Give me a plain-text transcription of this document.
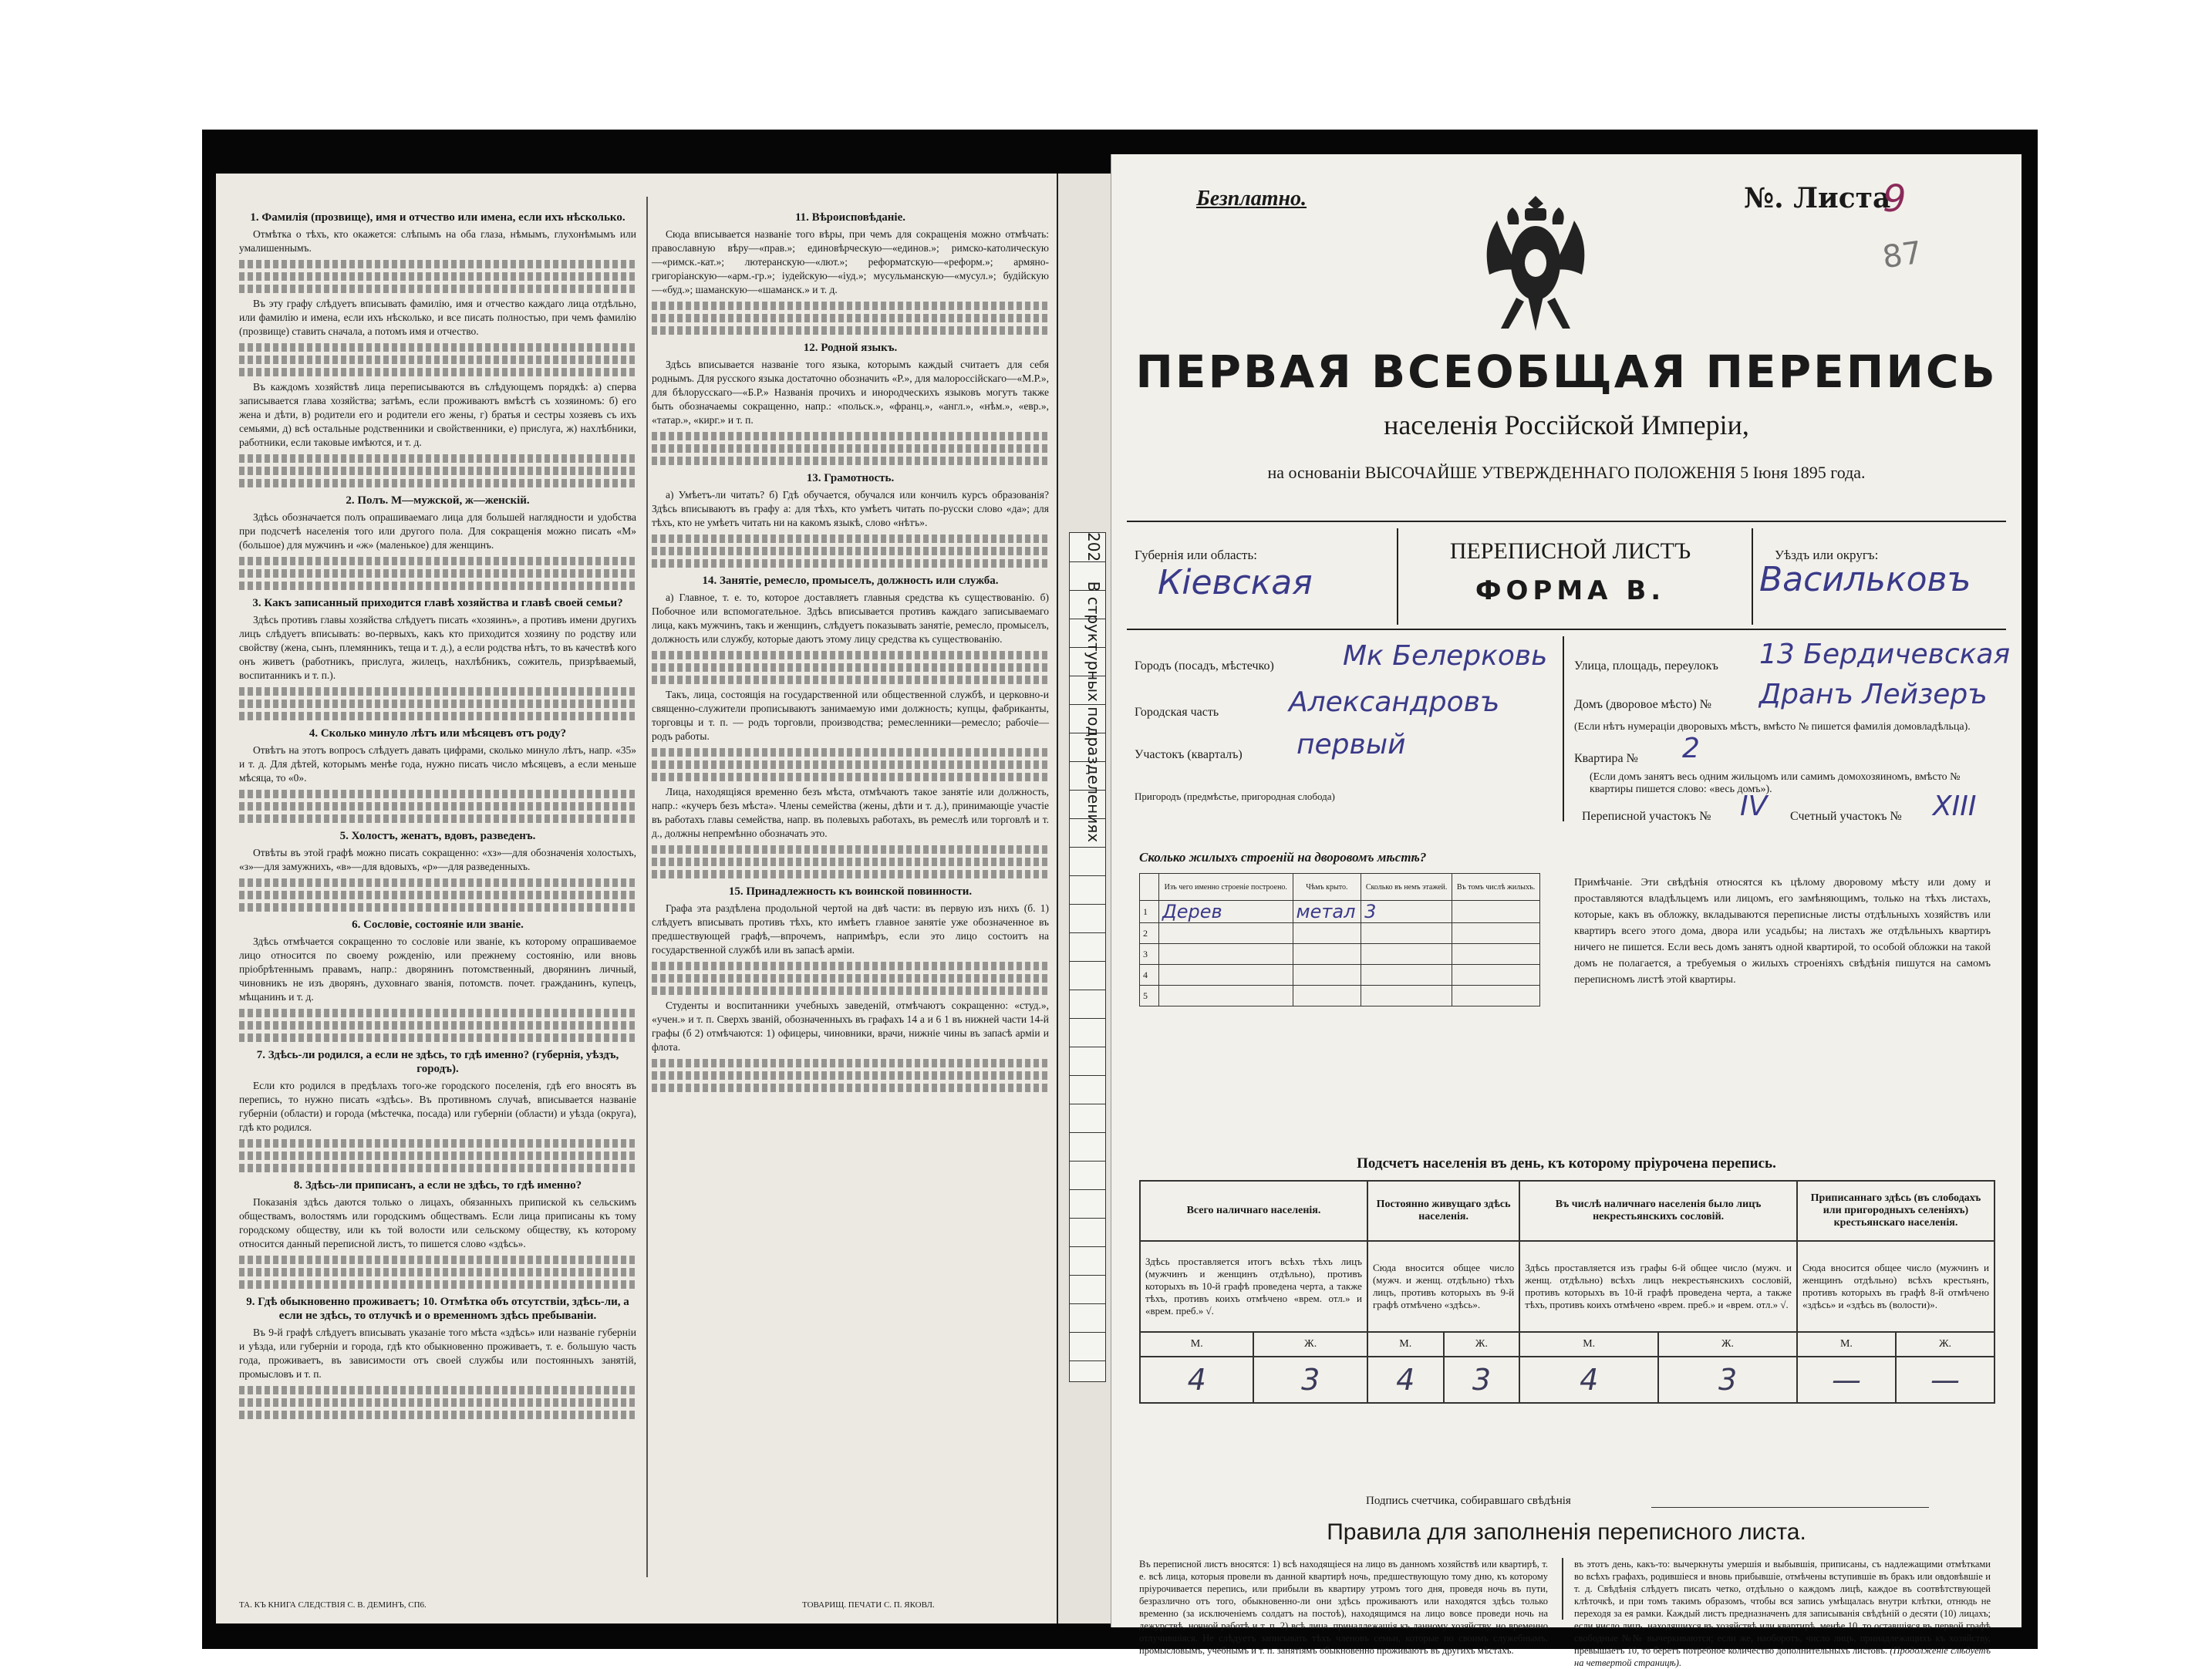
1. Фамилія (прозвище), имя и отчество или имена, если ихъ нѣсколько.

Отмѣтка о тѣхъ, кто окажется: слѣпымъ на оба глаза, нѣмымъ, глухонѣмымъ или умалишеннымъ.

Въ эту графу слѣдуетъ вписывать фамилію, имя и отчество каждаго лица отдѣльно, или фамилію и имена, если ихъ нѣсколько, и все писать полностью, при чемъ фамилію (прозвище) ставить сначала, а потомъ имя и отчество.

Въ каждомъ хозяйствѣ лица переписываются въ слѣдующемъ порядкѣ: а) сперва записывается глава хозяйства; затѣмъ, если проживаютъ вмѣстѣ съ хозяиномъ: б) его жена и дѣти, в) родители его и родители его жены, г) братья и сестры хозяевъ съ ихъ семьями, д) всѣ остальные родственники и свойственники, е) прислуга, ж) нахлѣбники, работники, если таковые имѣются, и т. д.

2. Полъ. М—мужской, ж—женскій.

Здѣсь обозначается полъ опрашиваемаго лица для большей наглядности и удобства при подсчетѣ населенія того или другого пола. Для сокращенія можно писать «М» (большое) для мужчинъ и «ж» (маленькое) для женщинъ.

3. Какъ записанный приходится главѣ хозяйства и главѣ своей семьи?

Здѣсь противъ главы хозяйства слѣдуетъ писать «хозяинъ», а противъ имени другихъ лицъ слѣдуетъ вписывать: во-первыхъ, какъ кто приходится хозяину по родству или свойству (жена, сынъ, племянникъ, теща и т. д.), а если родства нѣтъ, то въ качествѣ кого онъ живетъ (работникъ, прислуга, жилецъ, нахлѣбникъ, сожитель, призрѣваемый, воспитанникъ и т. п.).

4. Сколько минуло лѣтъ или мѣсяцевъ отъ роду?

Отвѣтъ на этотъ вопросъ слѣдуетъ давать цифрами, сколько минуло лѣтъ, напр. «35» и т. д. Для дѣтей, которымъ менѣе года, нужно писать число мѣсяцевъ, а если меньше мѣсяца, то «0».

5. Холостъ, женатъ, вдовъ, разведенъ.

Отвѣты въ этой графѣ можно писать сокращенно: «хз»—для обозначенія холостыхъ, «з»—для замужнихъ, «в»—для вдовыхъ, «р»—для разведенныхъ.

6. Сословіе, состояніе или званіе.

Здѣсь отмѣчается сокращенно то сословіе или званіе, къ которому опрашиваемое лицо относится по своему рожденію, или прежнему состоянію, или вновь пріобрѣтеннымъ правамъ, напр.: дворянинъ потомственный, дворянинъ личный, чиновникъ не изъ дворянъ, духовнаго званія, потомств. почет. гражданинъ, купецъ, мѣщанинъ и т. д.

7. Здѣсь-ли родился, а если не здѣсь, то гдѣ именно? (губернія, уѣздъ, городъ).

Если кто родился в предѣлахъ того-же городского поселенія, гдѣ его вносятъ въ перепись, то нужно писать «здѣсь». Въ противномъ случаѣ, вписывается названіе губерніи (области) и города (мѣстечка, посада) или губерніи (области) и уѣзда (округа), гдѣ кто родился.

8. Здѣсь-ли приписанъ, а если не здѣсь, то гдѣ именно?

Показанія здѣсь даются только о лицахъ, обязанныхъ припиской къ сельскимъ обществамъ, волостямъ или городскимъ обществамъ. Если лица приписаны къ тому городскому обществу, или къ той волости или сельскому обществу, къ которому относится данный переписной листъ, то пишется слово «здѣсь».

9. Гдѣ обыкновенно проживаетъ; 10. Отмѣтка объ отсутствіи, здѣсь-ли, а если не здѣсь, то отлучкѣ и о временномъ здѣсь пребываніи.

Въ 9-й графѣ слѣдуетъ вписывать указаніе того мѣста «здѣсь» или названіе губерніи и уѣзда, или губерніи и города, гдѣ кто обыкновенно проживаетъ, т. е. большую часть года, проживаетъ, въ зависимости отъ своей службы или постоянныхъ занятій, промысловъ и т. п.

11. Вѣроисповѣданіе.

Сюда вписывается названіе того вѣры, при чемъ для сокращенія можно отмѣчать: православную вѣру—«прав.»; единовѣрческую—«единов.»; римско-католическую—«римск.-кат.»; лютеранскую—«лют.»; реформатскую—«реформ.»; армяно-григоріанскую—«арм.-гр.»; іудейскую—«іуд.»; мусульманскую—«мусул.»; будійскую—«буд.»; шаманскую—«шаманск.» и т. д.

12. Родной языкъ.

Здѣсь вписывается названіе того языка, которымъ каждый считаетъ для себя роднымъ. Для русского языка достаточно обозначить «Р.», для малороссійскаго—«М.Р.», для бѣлорусскаго—«Б.Р.» Названія прочихъ и инородческихъ языковъ могутъ также быть обозначаемы сокращенно, напр.: «польск.», «франц.», «англ.», «нѣм.», «евр.», «татар.», «кирг.» и т. п.

13. Грамотность.

а) Умѣетъ-ли читать? б) Гдѣ обучается, обучался или кончилъ курсъ образованія? Здѣсь вписываютъ въ графу а: для тѣхъ, кто умѣетъ читать по-русски слово «да»; для тѣхъ, кто не умѣетъ читать ни на какомъ языкѣ, слово «нѣтъ».

14. Занятіе, ремесло, промыселъ, должность или служба.

а) Главное, т. е. то, которое доставляетъ главныя средства къ существованію. б) Побочное или вспомогательное. Здѣсь вписывается противъ каждаго записываемаго лица, какъ мужчинъ, такъ и женщинъ, слѣдуетъ показывать занятіе, ремесло, промыселъ, должность или службу, которые даютъ этому лицу средства къ существованію.

Такъ, лица, состоящія на государственной или общественной службѣ, и церковно-и священно-служители прописываютъ занимаемую ими должность; купцы, фабриканты, торговцы и т. п. — родъ торговли, производства; ремесленники—ремесло; рабочіе—родъ работы.

Лица, находящіяся временно безъ мѣста, отмѣчаютъ такое занятіе или должность, напр.: «кучеръ безъ мѣста». Члены семейства (жены, дѣти и т. д.), принимающіе участіе въ работахъ главы семейства, напр. въ полевыхъ работахъ, въ ремеслѣ или торговлѣ и т. д., должны непремѣнно обозначать это.

15. Принадлежность къ воинской повинности.

Графа эта раздѣлена продольной чертой на двѣ части: въ первую изъ нихъ (б. 1) слѣдуетъ вписывать противъ тѣхъ, кто имѣетъ главное занятіе уже обозначенное въ предшествующей графѣ,—впрочемъ, напримѣръ, если это лицо состоитъ на государственной службѣ или въ запасѣ арміи.

Студенты и воспитанники учебныхъ заведеній, отмѣчаютъ сокращенно: «студ.», «учен.» и т. п. Сверхъ званій, обозначенныхъ въ графахъ 14 а и 6 1 въ нижней части 14-й графы (б 2) отмѣчаются: 1) офицеры, чиновники, врачи, нижніе чины въ запасѣ арміи и флота.

ТА. КЪ КНИГА СЛЕДСТВІЯ С. В. ДЕМИНЪ, СП6.	ТОВАРИЩ. ПЕЧАТИ С. П. ЯКОВЛ.
202    В структурных подразделениях
Безплатно.	№. Листа
9
87
ПЕРВАЯ ВСЕОБЩАЯ ПЕРЕПИСЬ
населенія Россійской Имперіи,
на основаніи ВЫСОЧАЙШЕ УТВЕРЖДЕННАГО ПОЛОЖЕНІЯ 5 Іюня 1895 года.
Губернія или область:
Кіевская
ПЕРЕПИСНОЙ ЛИСТЪ
ФОРМА В.
Уѣздъ или округъ:
Васильковъ
Городъ (посадъ, мѣстечко) Мк Белерковь
Городская часть	Александровъ
Участокъ (кварталъ) первый
Пригородъ (предмѣстье, пригородная слобода)
Улица, площадь, переулокъ 13 Бердичевская
Домъ (дворовое мѣсто) № Дранъ Лейзеръ
(Если нѣтъ нумераціи дворовыхъ мѣстъ, вмѣсто № пишется фамилія домовладѣльца).
Квартира № 2
(Если домъ занятъ весь одним жильцомъ или самимъ домохозяиномъ, вмѣсто № квартиры пишется слово: «весь домъ»).
Переписной участокъ № IV Счетный участокъ № XIII
Сколько жилыхъ строеній на дворовомъ мѣстѣ?
	Изъ чего именно строеніе построено.	Чѣмъ крыто.	Сколько въ немъ этажей.	Въ томъ числѣ жилыхъ.
1	Дерев	метал	3	
2				
3				
4				
5				
Примѣчаніе. Эти свѣдѣнія относятся къ цѣлому дворовому мѣсту или дому и проставляются владѣльцемъ или лицомъ, его замѣняющимъ, только на тѣхъ листахъ, которые, какъ въ обложку, вкладываются переписные листы отдѣльныхъ хозяйствъ или квартиръ всего этого дома, двора или усадьбы; на листахъ же отдѣльныхъ квартиръ ничего не пишется. Если весь домъ занятъ одной квартирой, то особой обложки на такой домъ не полагается, а требуемыя о жилыхъ строеніяхъ свѣдѣнія пишутся на самомъ переписномъ листѣ этой квартиры.
Подсчетъ населенія въ день, къ которому пріурочена перепись.
Всего наличнаго населенія.		Постоянно живущаго здѣсь населенія.		Въ числѣ наличнаго населенія было лицъ некрестьянскихъ сословій.		Приписаннаго здѣсь (въ слободахъ или пригородныхъ селеніяхъ) крестьянскаго населенія.	
Здѣсь проставляется итогъ всѣхъ тѣхъ лицъ (мужчинъ и женщинъ отдѣльно), противъ которыхъ въ 10-й графѣ проведена черта, а также тѣхъ, противъ коихъ отмѣчено «врем. отл.» и «врем. преб.» √.		Сюда вносится общее число (мужч. и женщ. отдѣльно) тѣхъ лицъ, противъ которыхъ въ 9-й графѣ отмѣчено «здѣсь».		Здѣсь проставляется изъ графы 6-й общее число (мужч. и женщ. отдѣльно) всѣхъ лицъ некрестьянскихъ сословій, противъ которыхъ въ 10-й графѣ проведена черта, а также тѣхъ, противъ коихъ отмѣчено «врем. преб.» и «врем. отл.» √.		Сюда вносится общее число (мужчинъ и женщинъ отдѣльно) всѣхъ крестьянъ, противъ которыхъ въ графѣ 8-й отмѣчено «здѣсь» и «здѣсь въ (волости)».	
М.	Ж.	М.	Ж.	М.	Ж.	М.	Ж.
4	3	4	3	4	3	—	—
Подпись счетчика, собиравшаго свѣдѣнія
Правила для заполненія переписного листа.
Въ переписной листъ вносятся: 1) всѣ находящіеся на лицо въ данномъ хозяйствѣ или квартирѣ, т. е. всѣ лица, которыя провели въ данной квартирѣ ночь, предшествующую тому дню, къ которому пріурочивается перепись, или прибыли въ квартиру утромъ того дня, проведя ночь въ пути, безразлично отъ того, обыкновенно-ли они здѣсь проживаютъ или находятся здѣсь только временно (за исключеніемъ солдатъ на постоѣ), находящимся на лицо вовсе проведи ночь на дежурствѣ, ночной работѣ и т. п. 2) всѣ лица, принадлежащія къ данному хозяйству, но временно отлучившіяся. Не слѣдуетъ записывать тѣхъ членовъ семьи, которые по своимъ служебнымъ, промысловымъ, учебнымъ и т. п. занятіямъ обыкновенно проживаютъ въ другихъ мѣстахъ.
въ этотъ день, какъ-то: вычеркнуты умершія и выбывшія, приписаны, съ надлежащими отмѣтками во всѣхъ графахъ, родившіеся и вновь прибывшіе, отмѣчены вступившіе въ бракъ или овдовѣвшіе и т. д. Свѣдѣнія слѣдуетъ писать четко, отдѣльно о каждомъ лицѣ, каждое въ соотвѣтствующей клѣточкѣ, и при томъ такимъ образомъ, чтобы вся запись умѣщалась внутри клѣтки, отнюдь не переходя за ея рамки. Каждый листъ предназначенъ для записыванія свѣдѣній о десяти (10) лицахъ; если число лицъ, находящихся въ хозяйствѣ или квартирѣ, менѣе 10, то оставшіяся въ первой графѣ свободные №№ вычеркиваются; если же, наоборотъ, число лицъ, принадлежащихъ къ хозяйству, превышаетъ 10, то беретъ потребное количество дополнительныхъ листовъ. (Продолженіе слѣдуетъ на четвертой страницѣ).
